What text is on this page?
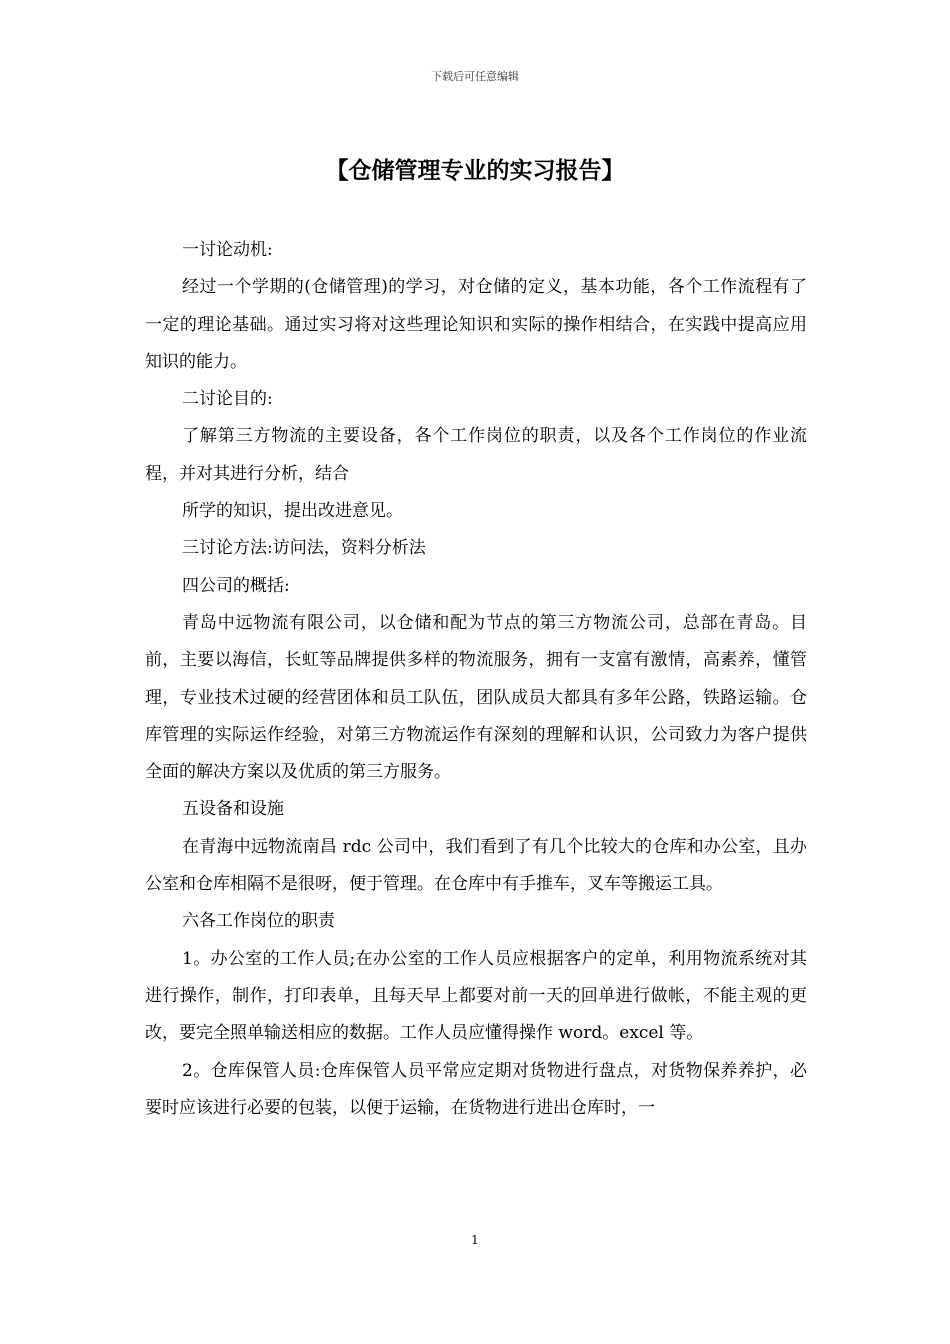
下载后可任意编辑
【仓储管理专业的实习报告】

一讨论动机:

经过一个学期的(仓储管理)的学习，对仓储的定义，基本功能，各个工作流程有了一定的理论基础。通过实习将对这些理论知识和实际的操作相结合，在实践中提高应用知识的能力。

二讨论目的:

了解第三方物流的主要设备，各个工作岗位的职责，以及各个工作岗位的作业流程，并对其进行分析，结合

所学的知识，提出改进意见。

三讨论方法:访问法，资料分析法

四公司的概括:

青岛中远物流有限公司，以仓储和配为节点的第三方物流公司，总部在青岛。目前，主要以海信，长虹等品牌提供多样的物流服务，拥有一支富有激情，高素养，懂管理，专业技术过硬的经营团体和员工队伍，团队成员大都具有多年公路，铁路运输。仓库管理的实际运作经验，对第三方物流运作有深刻的理解和认识，公司致力为客户提供全面的解决方案以及优质的第三方服务。

五设备和设施

在青海中远物流南昌 rdc 公司中，我们看到了有几个比较大的仓库和办公室，且办公室和仓库相隔不是很呀，便于管理。在仓库中有手推车，叉车等搬运工具。

六各工作岗位的职责

1。办公室的工作人员;在办公室的工作人员应根据客户的定单，利用物流系统对其进行操作，制作，打印表单，且每天早上都要对前一天的回单进行做帐，不能主观的更改，要完全照单输送相应的数据。工作人员应懂得操作 word。excel 等。

2。仓库保管人员:仓库保管人员平常应定期对货物进行盘点，对货物保养养护，必要时应该进行必要的包装，以便于运输，在货物进行进出仓库时，一

1
